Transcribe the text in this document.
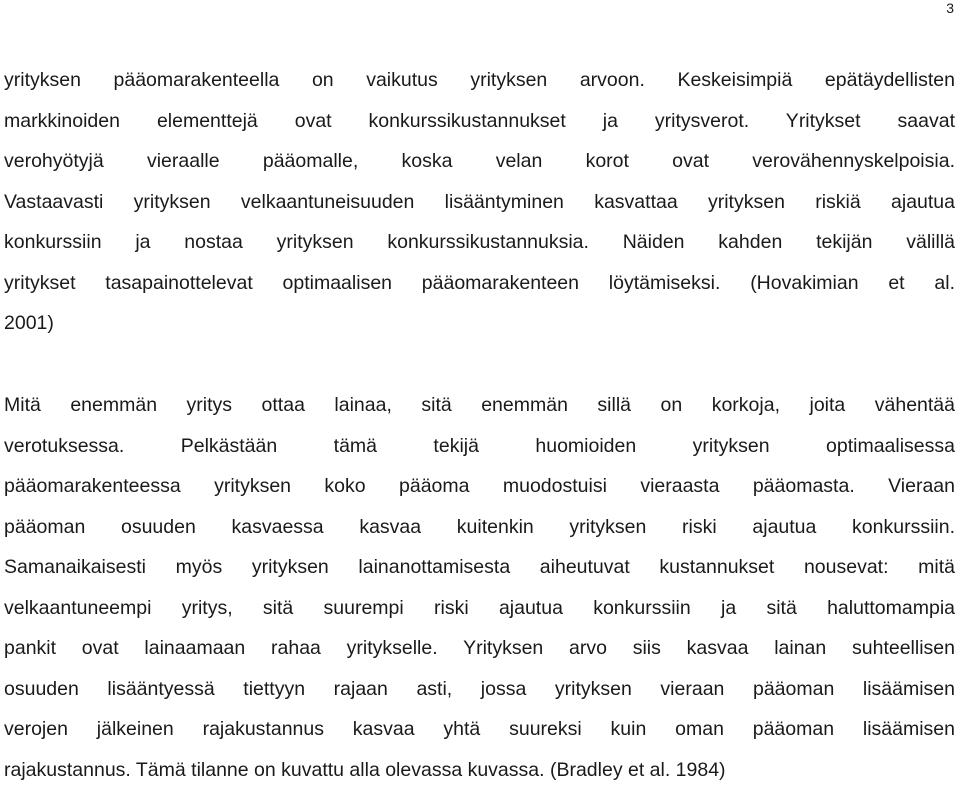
3
yrityksen pääomarakenteella on vaikutus yrityksen arvoon. Keskeisimpiä epätäydellisten
markkinoiden elementtejä ovat konkurssikustannukset ja yritysverot. Yritykset saavat
verohyötyjä vieraalle pääomalle, koska velan korot ovat verovähennyskelpoisia.
Vastaavasti yrityksen velkaantuneisuuden lisääntyminen kasvattaa yrityksen riskiä ajautua
konkurssiin ja nostaa yrityksen konkurssikustannuksia. Näiden kahden tekijän välillä
yritykset tasapainottelevat optimaalisen pääomarakenteen löytämiseksi. (Hovakimian et al.
2001)
Mitä enemmän yritys ottaa lainaa, sitä enemmän sillä on korkoja, joita vähentää
verotuksessa. Pelkästään tämä tekijä huomioiden yrityksen optimaalisessa
pääomarakenteessa yrityksen koko pääoma muodostuisi vieraasta pääomasta. Vieraan
pääoman osuuden kasvaessa kasvaa kuitenkin yrityksen riski ajautua konkurssiin.
Samanaikaisesti myös yrityksen lainanottamisesta aiheutuvat kustannukset nousevat: mitä
velkaantuneempi yritys, sitä suurempi riski ajautua konkurssiin ja sitä haluttomampia
pankit ovat lainaamaan rahaa yritykselle. Yrityksen arvo siis kasvaa lainan suhteellisen
osuuden lisääntyessä tiettyyn rajaan asti, jossa yrityksen vieraan pääoman lisäämisen
verojen jälkeinen rajakustannus kasvaa yhtä suureksi kuin oman pääoman lisäämisen
rajakustannus. Tämä tilanne on kuvattu alla olevassa kuvassa. (Bradley et al. 1984)
